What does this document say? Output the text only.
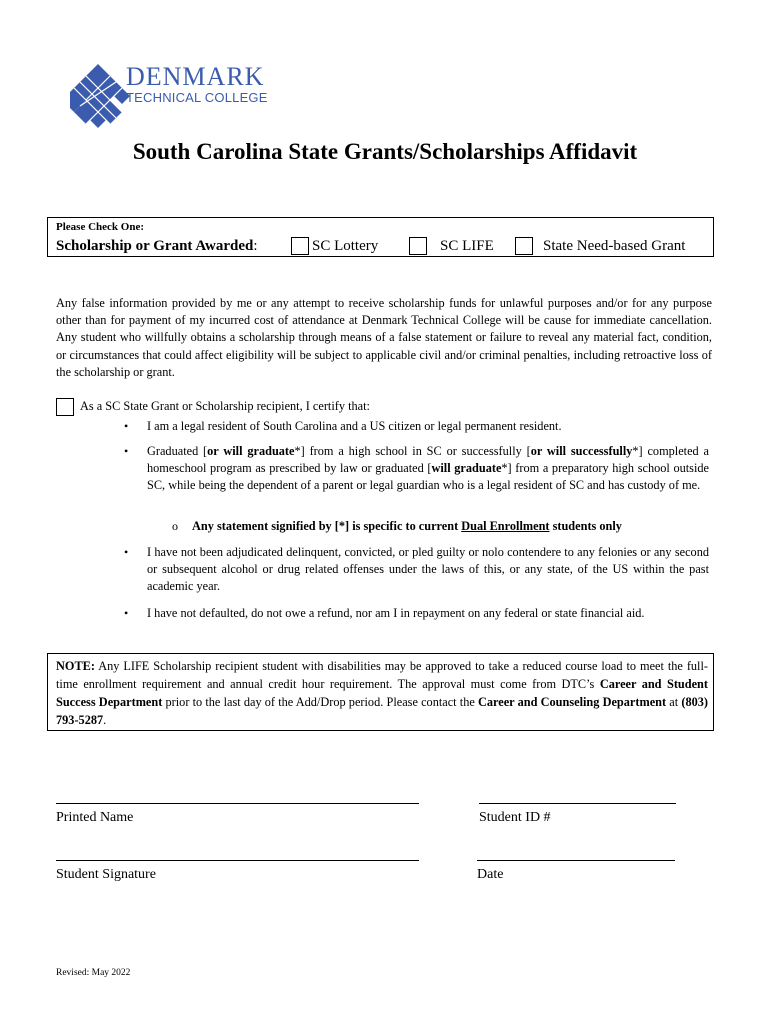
DENMARK
TECHNICAL COLLEGE
South Carolina State Grants/Scholarships Affidavit
Please Check One:
Scholarship or Grant Awarded:	SC Lottery	SC LIFE	State Need-based Grant
Any false information provided by me or any attempt to receive scholarship funds for unlawful purposes and/or for any purpose other than for payment of my incurred cost of attendance at Denmark Technical College will be cause for immediate cancellation. Any student who willfully obtains a scholarship through means of a false statement or failure to reveal any material fact, condition, or circumstances that could affect eligibility will be subject to applicable civil and/or criminal penalties, including retroactive loss of the scholarship or grant.
As a SC State Grant or Scholarship recipient, I certify that:
•	I am a legal resident of South Carolina and a US citizen or legal permanent resident.
•	Graduated [or will graduate*] from a high school in SC or successfully [or will successfully*] completed a homeschool program as prescribed by law or graduated [will graduate*] from a preparatory high school outside SC, while being the dependent of a parent or legal guardian who is a legal resident of SC and has custody of me.
o Any statement signified by [*] is specific to current Dual Enrollment students only
•	I have not been adjudicated delinquent, convicted, or pled guilty or nolo contendere to any felonies or any second or subsequent alcohol or drug related offenses under the laws of this, or any state, of the US within the past academic year.
•	I have not defaulted, do not owe a refund, nor am I in repayment on any federal or state financial aid.
NOTE: Any LIFE Scholarship recipient student with disabilities may be approved to take a reduced course load to meet the full-time enrollment requirement and annual credit hour requirement. The approval must come from DTC’s Career and Student Success Department prior to the last day of the Add/Drop period. Please contact the Career and Counseling Department at (803) 793-5287.
Printed Name	Student ID #
Student Signature	Date
Revised: May 2022
